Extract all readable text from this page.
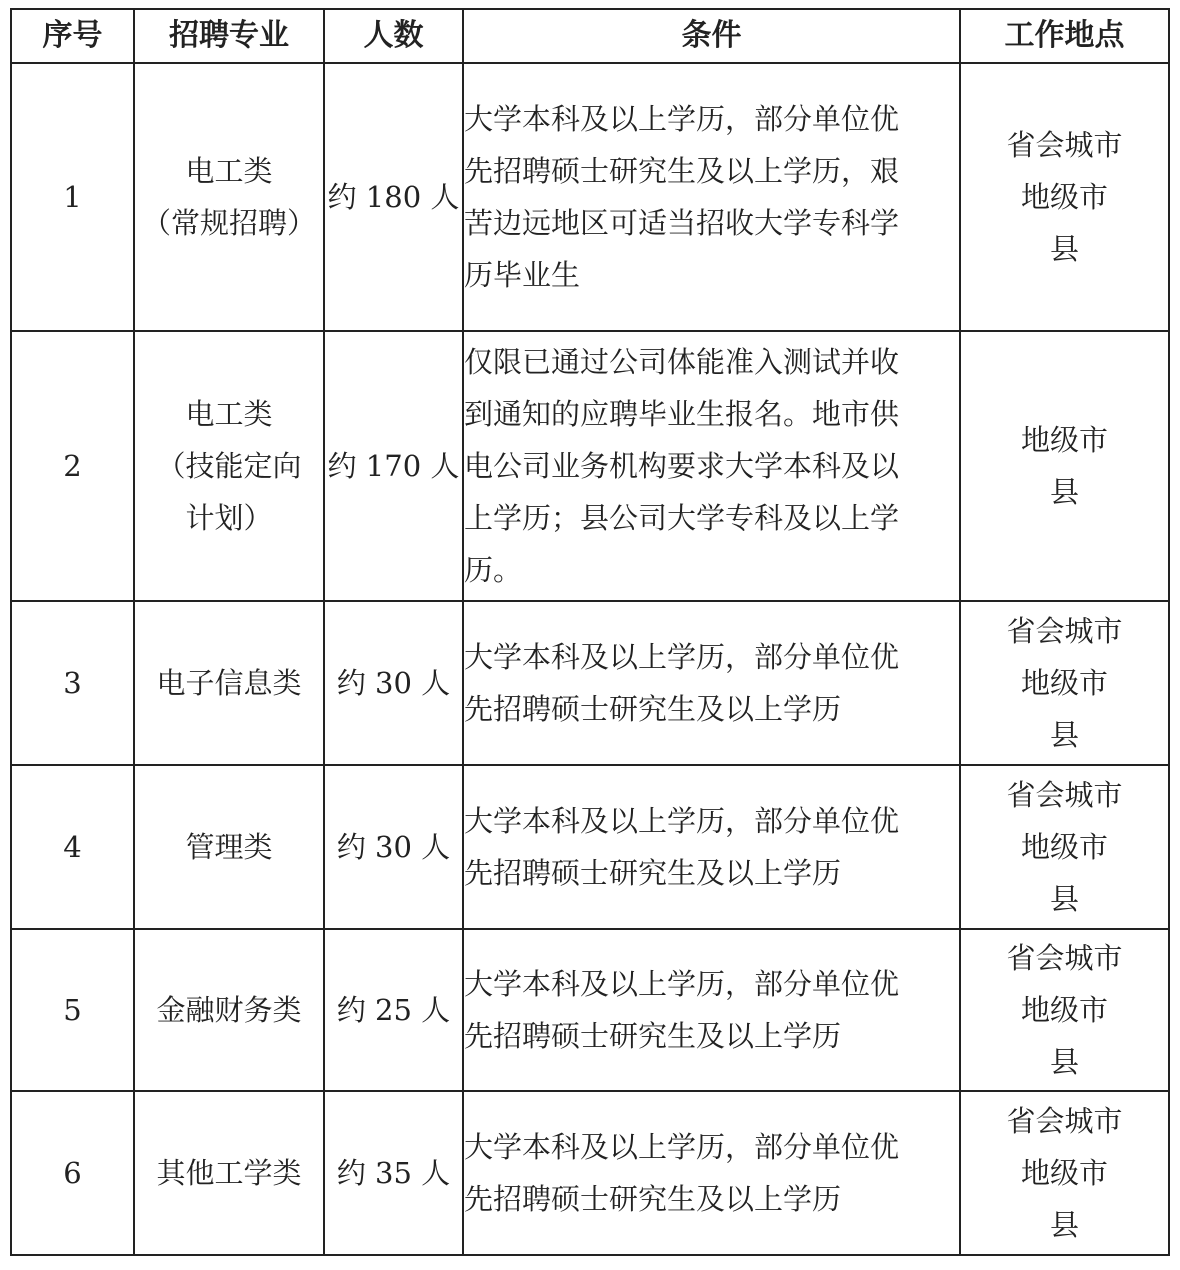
序号	招聘专业	人数	条件	工作地点
1	电工类
（常规招聘）	约 180 人	大学本科及以上学历，部分单位优
先招聘硕士研究生及以上学历，艰
苦边远地区可适当招收大学专科学
历毕业生	省会城市
地级市
县

2	电工类
（技能定向
计划）	约 170 人	仅限已通过公司体能准入测试并收
到通知的应聘毕业生报名。地市供
电公司业务机构要求大学本科及以
上学历；县公司大学专科及以上学
历。	地级市
县

3	电子信息类	约 30 人	大学本科及以上学历，部分单位优
先招聘硕士研究生及以上学历	省会城市
地级市
县

4	管理类	约 30 人	大学本科及以上学历，部分单位优
先招聘硕士研究生及以上学历	省会城市
地级市
县

5	金融财务类	约 25 人	大学本科及以上学历，部分单位优
先招聘硕士研究生及以上学历	省会城市
地级市
县

6	其他工学类	约 35 人	大学本科及以上学历，部分单位优
先招聘硕士研究生及以上学历	省会城市
地级市
县
